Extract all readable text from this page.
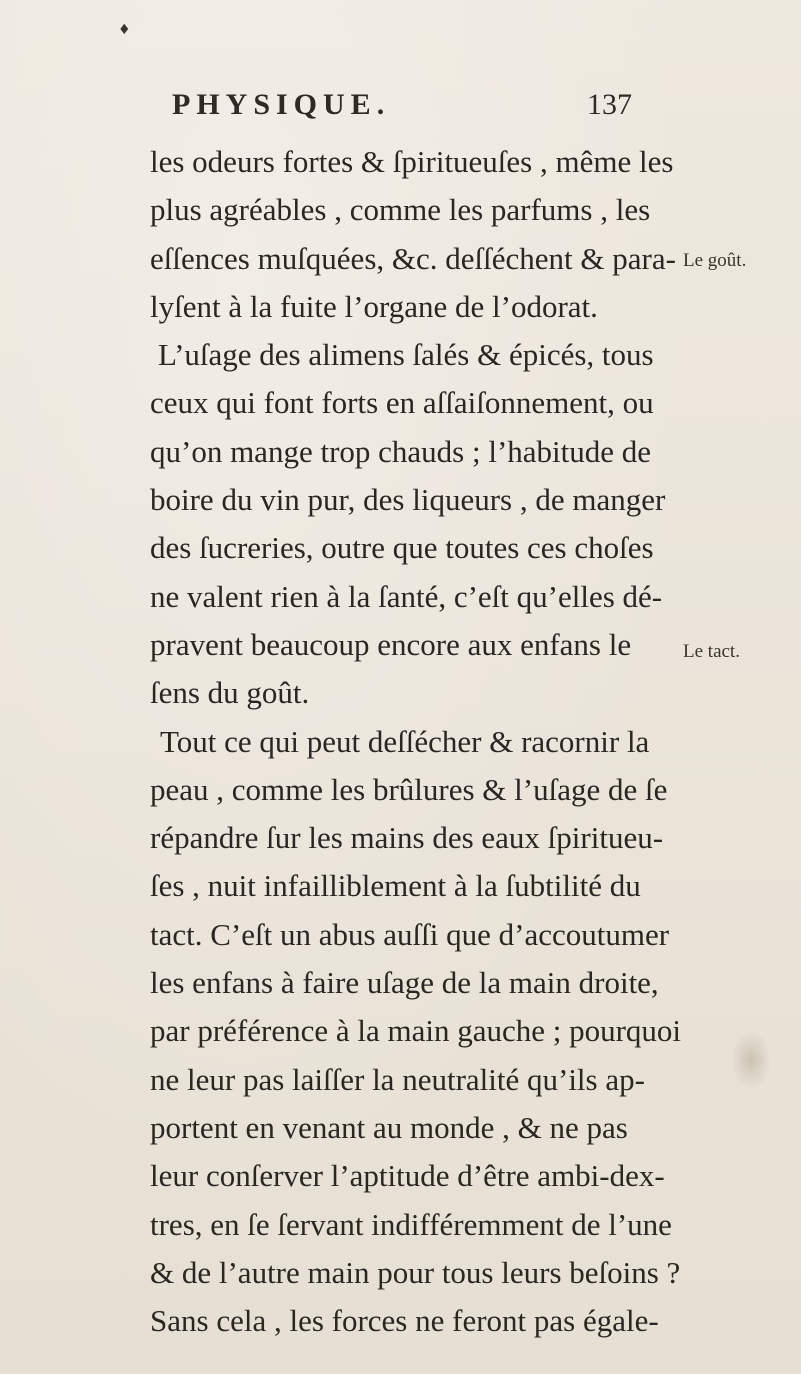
♦
PHYSIQUE.	137
les odeurs fortes & ſpiritueuſes , même les
plus agréables , comme les parfums , les
eſſences muſquées, &c. deſſéchent & para-
lyſent à la fuite l’organe de l’odorat.
L’uſage des alimens ſalés & épicés, tous
ceux qui font forts en aſſaiſonnement, ou
qu’on mange trop chauds ; l’habitude de
boire du vin pur, des liqueurs , de manger
des ſucreries, outre que toutes ces choſes
ne valent rien à la ſanté, c’eſt qu’elles dé-
pravent beaucoup encore aux enfans le
ſens du goût.
Tout ce qui peut deſſécher & racornir la
peau , comme les brûlures & l’uſage de ſe
répandre ſur les mains des eaux ſpiritueu-
ſes , nuit infailliblement à la ſubtilité du
tact. C’eſt un abus auſſi que d’accoutumer
les enfans à faire uſage de la main droite,
par préférence à la main gauche ; pourquoi
ne leur pas laiſſer la neutralité qu’ils ap-
portent en venant au monde , & ne pas
leur conſerver l’aptitude d’être ambi-dex-
tres, en ſe ſervant indifféremment de l’une
& de l’autre main pour tous leurs beſoins ?
Sans cela , les forces ne feront pas égale-
Le goût.
Le tact.
